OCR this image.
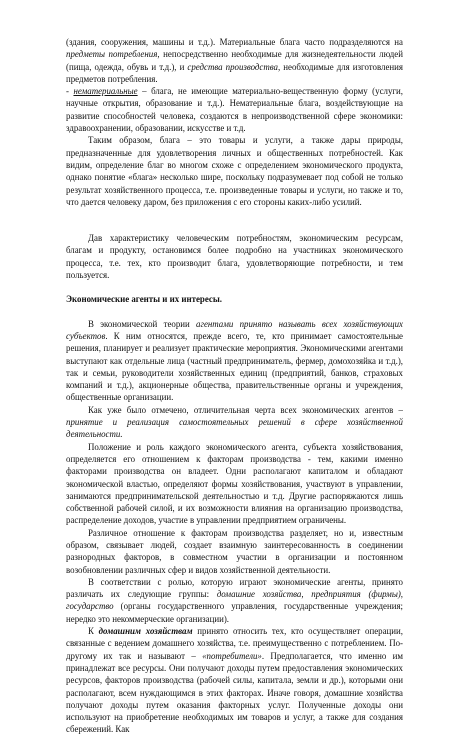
(здания, сооружения, машины и т.д.). Материальные блага часто подразделяются на предметы потребления, непосредственно необходимые для жизнедеятельности людей (пища, одежда, обувь и т.д.), и средства производства, необходимые для изготовления предметов потребления.

- нематериальные – блага, не имеющие материально-вещественную форму (услуги, научные открытия, образование и т.д.). Нематериальные блага, воздействующие на развитие способностей человека, создаются в непроизводственной сфере экономики: здравоохранении, образовании, искусстве и т.д.

Таким образом, блага – это товары и услуги, а также дары природы, предназначенные для удовлетворения личных и общественных потребностей. Как видим, определение благ во многом схоже с определением экономического продукта, однако понятие «блага» несколько шире, поскольку подразумевает под собой не только результат хозяйственного процесса, т.е. произведенные товары и услуги, но также и то, что дается человеку даром, без приложения с его стороны каких-либо усилий.

Дав характеристику человеческим потребностям, экономическим ресурсам, благам и продукту, остановимся более подробно на участниках экономического процесса, т.е. тех, кто производит блага, удовлетворяющие потребности, и тем пользуется.

Экономические агенты и их интересы.

В экономической теории агентами принято называть всех хозяйствующих субъектов. К ним относятся, прежде всего, те, кто принимает самостоятельные решения, планирует и реализует практические мероприятия. Экономическими агентами выступают как отдельные лица (частный предприниматель, фермер, домохозяйка и т.д.), так и семьи, руководители хозяйственных единиц (предприятий, банков, страховых компаний и т.д.), акционерные общества, правительственные органы и учреждения, общественные организации.

Как уже было отмечено, отличительная черта всех экономических агентов – принятие и реализация самостоятельных решений в сфере хозяйственной деятельности.

Положение и роль каждого экономического агента, субъекта хозяйствования, определяется его отношением к факторам производства - тем, какими именно факторами производства он владеет. Одни располагают капиталом и обладают экономической властью, определяют формы хозяйствования, участвуют в управлении, занимаются предпринимательской деятельностью и т.д. Другие распоряжаются лишь собственной рабочей силой, и их возможности влияния на организацию производства, распределение доходов, участие в управлении предприятием ограничены.

Различное отношение к факторам производства разделяет, но и, известным образом, связывает людей, создает взаимную заинтересованность в соединении разнородных факторов, в совместном участии в организации и постоянном возобновлении различных сфер и видов хозяйственной деятельности.

В соответствии с ролью, которую играют экономические агенты, принято различать их следующие группы: домашние хозяйства, предприятия (фирмы), государство (органы государственного управления, государственные учреждения; нередко это некоммерческие организации).

К домашним хозяйствам принято относить тех, кто осуществляет операции, связанные с ведением домашнего хозяйства, т.е. преимущественно с потреблением. По-другому их так и называют – «потребители». Предполагается, что именно им принадлежат все ресурсы. Они получают доходы путем предоставления экономических ресурсов, факторов производства (рабочей силы, капитала, земли и др.), которыми они располагают, всем нуждающимся в этих факторах. Иначе говоря, домашние хозяйства получают доходы путем оказания факторных услуг. Полученные доходы они используют на приобретение необходимых им товаров и услуг, а также для создания сбережений. Как
